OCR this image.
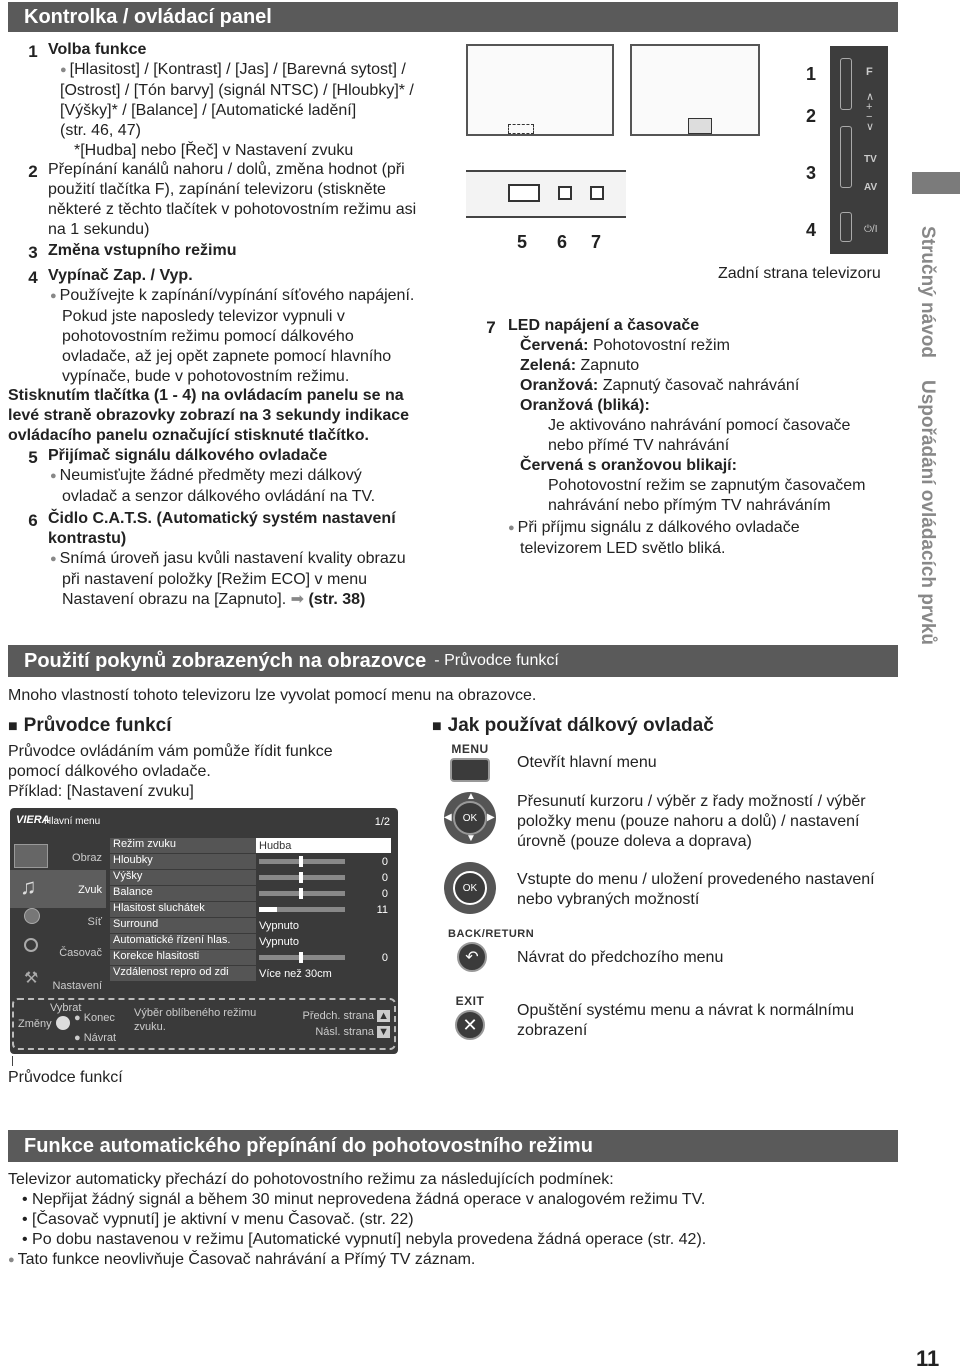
Kontrolka / ovládací panel
1 Volba funkce
● [Hlasitost] / [Kontrast] / [Jas] / [Barevná sytost] /
[Ostrost] / [Tón barvy] (signál NTSC) / [Hloubky]* /
[Výšky]* / [Balance] / [Automatické ladění]
(str. 46, 47)
*[Hudba] nebo [Řeč] v Nastavení zvuku
2 Přepínání kanálů nahoru / dolů, změna hodnot (při
použití tlačítka F), zapínání televizoru (stiskněte
některé z těchto tlačítek v pohotovostním režimu asi
na 1 sekundu)
3 Změna vstupního režimu
4 Vypínač Zap. / Vyp.
● Používejte k zapínání/vypínání síťového napájení.
Pokud jste naposledy televizor vypnuli v
pohotovostním režimu pomocí dálkového
ovladače, až jej opět zapnete pomocí hlavního
vypínače, bude v pohotovostním režimu.
Stisknutím tlačítka (1 - 4) na ovládacím panelu se na
levé straně obrazovky zobrazí na 3 sekundy indikace
ovládacího panelu označující stisknuté tlačítko.
5 Přijímač signálu dálkového ovladače
● Neumisťujte žádné předměty mezi dálkový
ovladač a senzor dálkového ovládání na TV.
6 Čidlo C.A.T.S. (Automatický systém nastavení
kontrastu)
● Snímá úroveň jasu kvůli nastavení kvality obrazu
při nastavení položky [Režim ECO] v menu
Nastavení obrazu na [Zapnuto]. ➡ (str. 38)
5 6 7
F
∧
+
−
∨
TV
AV
⏻/I
1
2
3
4
Zadní strana televizoru
7 LED napájení a časovače
Červená: Pohotovostní režim
Zelená: Zapnuto
Oranžová: Zapnutý časovač nahrávání
Oranžová (bliká):
Je aktivováno nahrávání pomocí časovače
nebo přímé TV nahrávání
Červená s oranžovou blikají:
Pohotovostní režim se zapnutým časovačem
nahrávání nebo přímým TV nahráváním
● Při příjmu signálu z dálkového ovladače
televizorem LED světlo bliká.
Stručný návod
Uspořádání ovládacích prvků
Použití pokynů zobrazených na obrazovce - Průvodce funkcí
Mnoho vlastností tohoto televizoru lze vyvolat pomocí menu na obrazovce.
■ Průvodce funkcí
Průvodce ovládáním vám pomůže řídit funkce
pomocí dálkového ovladače.
Příklad: [Nastavení zvuku]
VIERA
Hlavní menu	1/2
Obraz
♫	Zvuk
Síť
Časovač
⚒ Nastavení
Režim zvuku	Hudba
Hloubky	0
Výšky	0
Balance	0
Hlasitost sluchátek	11
Surround	Vypnuto
Automatické řízení hlas.	Vypnuto
Korekce hlasitosti	0
Vzdálenost repro od zdi	Více než 30cm
Vybrat
Změny ● Konec
● Návrat
Výběr oblíbeného režimu zvuku.
Předch. strana ▲
Násl. strana ▼
Průvodce funkcí
■ Jak používat dálkový ovladač
MENU
Otevřít hlavní menu
OK
▲
▼
◀	▶
Přesunutí kurzoru / výběr z řady možností / výběr
položky menu (pouze nahoru a dolů) / nastavení
úrovně (pouze doleva a doprava)
OK	Vstupte do menu / uložení provedeného nastavení
nebo vybraných možností
BACK/RETURN
↶	Návrat do předchozího menu
EXIT
✕
Opuštění systému menu a návrat k normálnímu
zobrazení
Funkce automatického přepínání do pohotovostního režimu
Televizor automaticky přechází do pohotovostního režimu za následujících podmínek:
• Nepřijat žádný signál a během 30 minut neprovedena žádná operace v analogovém režimu TV.
• [Časovač vypnutí] je aktivní v menu Časovač. (str. 22)
• Po dobu nastavenou v režimu [Automatické vypnutí] nebyla provedena žádná operace (str. 42).
● Tato funkce neovlivňuje Časovač nahrávání a Přímý TV záznam.
11
